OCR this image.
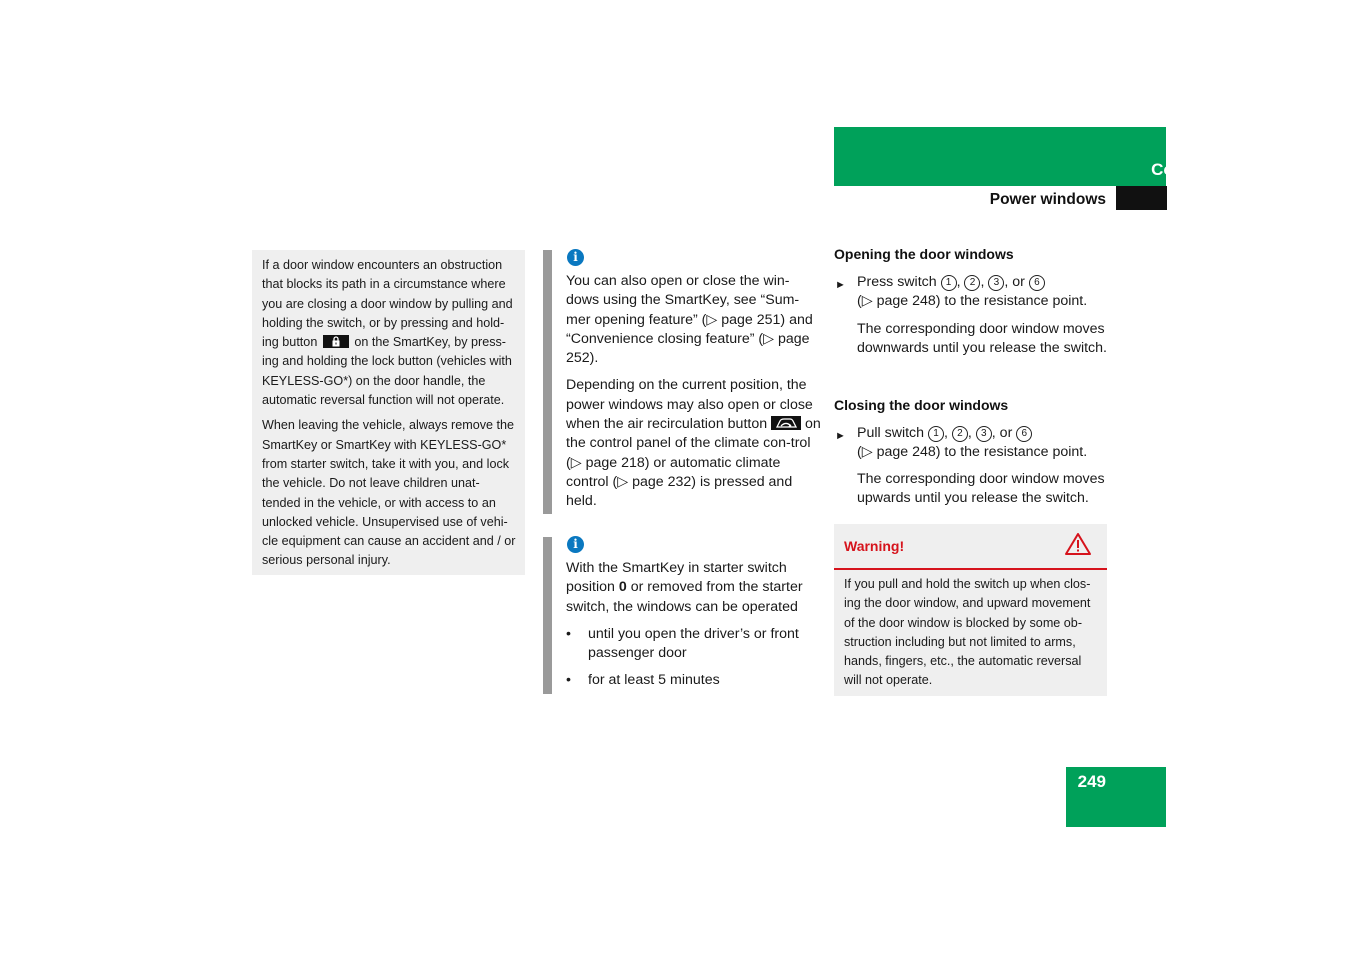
Controls in detail
Power windows

If a door window encounters an obstruction that blocks its path in a circumstance where you are closing a door window by pulling and holding the switch, or by pressing and hold-ing button	on the SmartKey, by press-ing and holding the lock button (vehicles with KEYLESS-GO*) on the door handle, the automatic reversal function will not operate.

When leaving the vehicle, always remove the SmartKey or SmartKey with KEYLESS-GO* from starter switch, take it with you, and lock the vehicle. Do not leave children unat-tended in the vehicle, or with access to an unlocked vehicle. Unsupervised use of vehi-cle equipment can cause an accident and / or serious personal injury.

i

You can also open or close the win-dows using the SmartKey, see “Sum-mer opening feature” (▷ page 251) and “Convenience closing feature” (▷ page 252).

Depending on the current position, the power windows may also open or close when the air recirculation button	on the control panel of the climate con-trol (▷ page 218) or automatic climate control (▷ page 232) is pressed and held.

i

With the SmartKey in starter switch position 0 or removed from the starter switch, the windows can be operated

• until you open the driver’s or front passenger door
• for at least 5 minutes
Opening the door windows
► Press switch 1 , 2 , 3 , or 6
(▷ page 248) to the resistance point.
The corresponding door window moves downwards until you release the switch.
Closing the door windows
► Pull switch 1 , 2 , 3 , or 6
(▷ page 248) to the resistance point.
The corresponding door window moves upwards until you release the switch.
Warning!
If you pull and hold the switch up when clos-ing the door window, and upward movement of the door window is blocked by some ob-struction including but not limited to arms, hands, fingers, etc., the automatic reversal will not operate.
249
